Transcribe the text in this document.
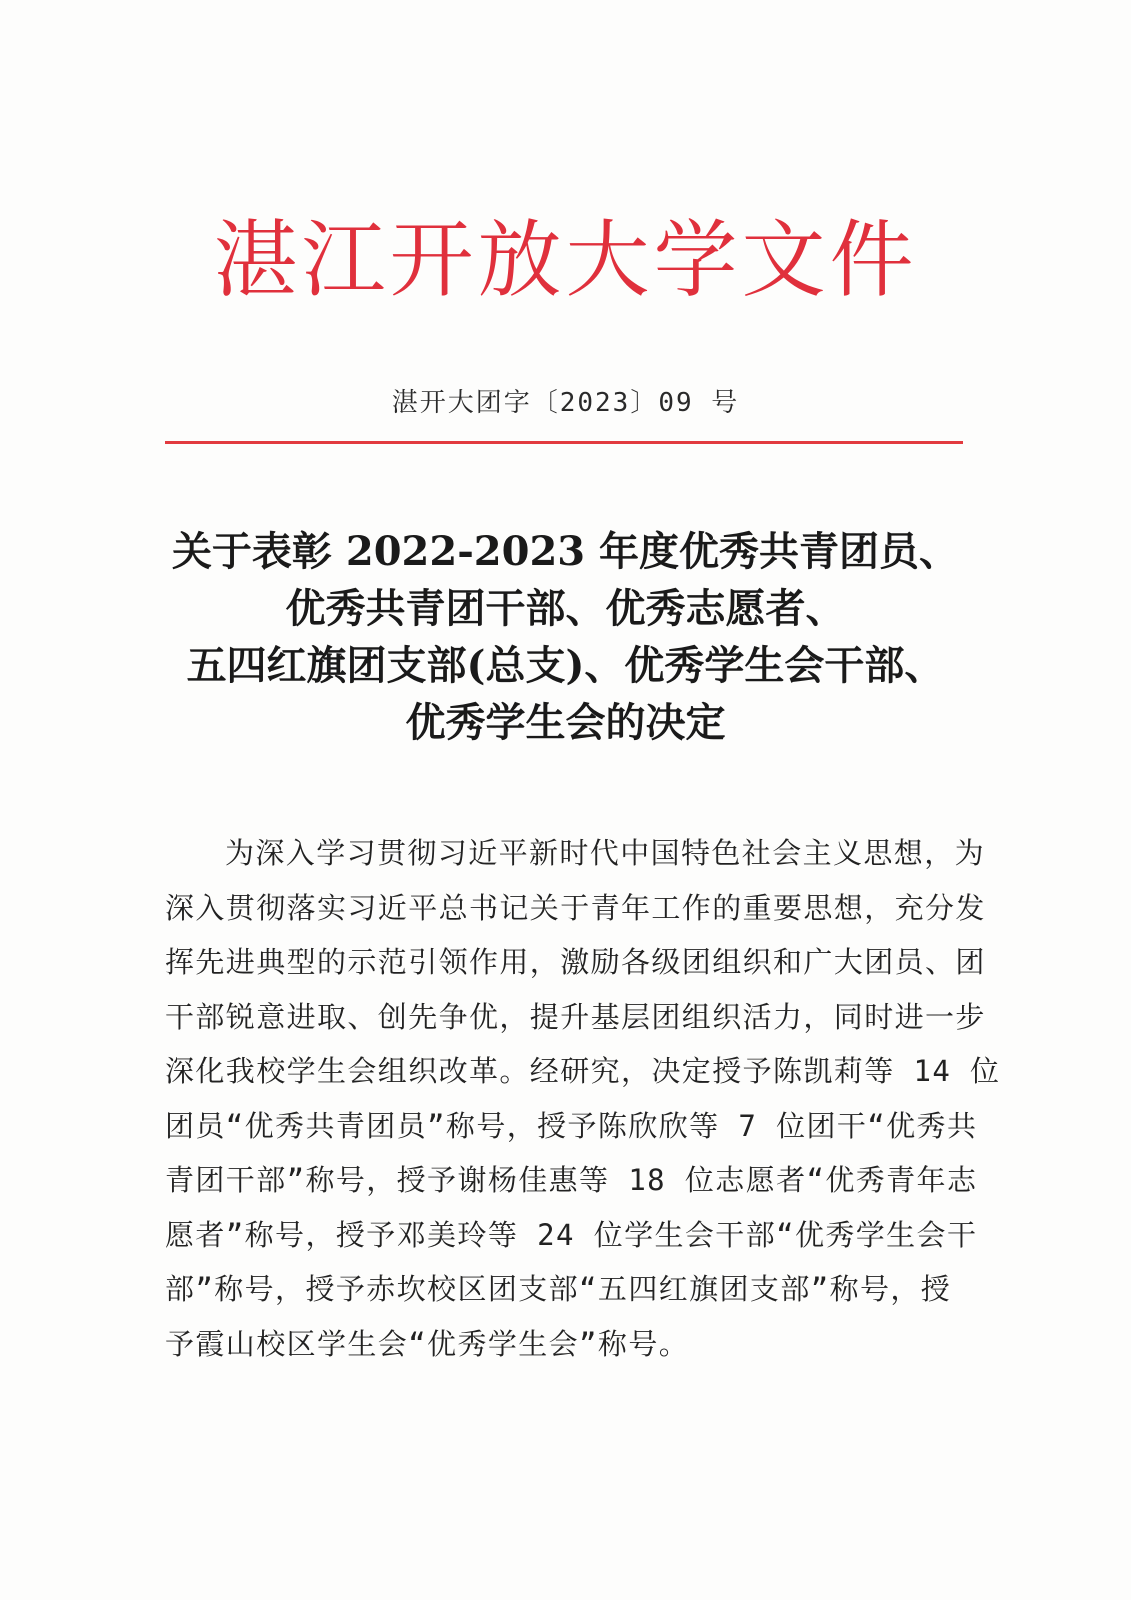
湛江开放大学文件
湛开大团字〔2023〕09 号
关于表彰 2022-2023 年度优秀共青团员、
优秀共青团干部、优秀志愿者、
五四红旗团支部(总支)、优秀学生会干部、
优秀学生会的决定
为深入学习贯彻习近平新时代中国特色社会主义思想，为
深入贯彻落实习近平总书记关于青年工作的重要思想，充分发
挥先进典型的示范引领作用，激励各级团组织和广大团员、团
干部锐意进取、创先争优，提升基层团组织活力，同时进一步
深化我校学生会组织改革。经研究，决定授予陈凯莉等 14 位
团员“优秀共青团员”称号，授予陈欣欣等 7 位团干“优秀共
青团干部”称号，授予谢杨佳惠等 18 位志愿者“优秀青年志
愿者”称号，授予邓美玲等 24 位学生会干部“优秀学生会干
部”称号，授予赤坎校区团支部“五四红旗团支部”称号，授
予霞山校区学生会“优秀学生会”称号。
